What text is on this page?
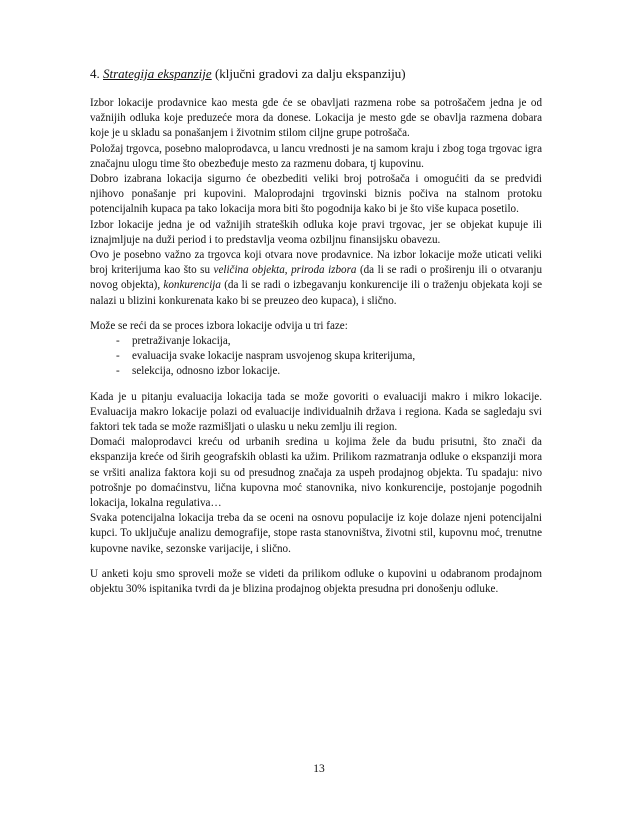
4. Strategija ekspanzije (ključni gradovi za dalju ekspanziju)

Izbor lokacije prodavnice kao mesta gde će se obavljati razmena robe sa potrošačem jedna je od važnijih odluka koje preduzeće mora da donese. Lokacija je mesto gde se obavlja razmena dobara koje je u skladu sa ponašanjem i životnim stilom ciljne grupe potrošača.

Položaj trgovca, posebno maloprodavca, u lancu vrednosti je na samom kraju i zbog toga trgovac igra značajnu ulogu time što obezbeđuje mesto za razmenu dobara, tj kupovinu.

Dobro izabrana lokacija sigurno će obezbediti veliki broj potrošača i omogućiti da se predvidi njihovo ponašanje pri kupovini. Maloprodajni trgovinski biznis počiva na stalnom protoku potencijalnih kupaca pa tako lokacija mora biti što pogodnija kako bi je što više kupaca posetilo.

Izbor lokacije jedna je od važnijih strateških odluka koje pravi trgovac, jer se objekat kupuje ili iznajmljuje na duži period i to predstavlja veoma ozbiljnu finansijsku obavezu.

Ovo je posebno važno za trgovca koji otvara nove prodavnice. Na izbor lokacije može uticati veliki broj kriterijuma kao što su veličina objekta, priroda izbora (da li se radi o proširenju ili o otvaranju novog objekta), konkurencija (da li se radi o izbegavanju konkurencije ili o traženju objekata koji se nalazi u blizini konkurenata kako bi se preuzeo deo kupaca), i slično.

Može se reći da se proces izbora lokacije odvija u tri faze:

- pretraživanje lokacija,
- evaluacija svake lokacije naspram usvojenog skupa kriterijuma,
- selekcija, odnosno izbor lokacije.

Kada je u pitanju evaluacija lokacija tada se može govoriti o evaluaciji makro i mikro lokacije. Evaluacija makro lokacije polazi od evaluacije individualnih država i regiona. Kada se sagledaju svi faktori tek tada se može razmišljati o ulasku u neku zemlju ili region.

Domaći maloprodavci kreću od urbanih sredina u kojima žele da budu prisutni, što znači da ekspanzija kreće od širih geografskih oblasti ka užim. Prilikom razmatranja odluke o ekspanziji mora se vršiti analiza faktora koji su od presudnog značaja za uspeh prodajnog objekta. Tu spadaju: nivo potrošnje po domaćinstvu, lična kupovna moć stanovnika, nivo konkurencije, postojanje pogodnih lokacija, lokalna regulativa…

Svaka potencijalna lokacija treba da se oceni na osnovu populacije iz koje dolaze njeni potencijalni kupci. To uključuje analizu demografije, stope rasta stanovništva, životni stil, kupovnu moć, trenutne kupovne navike, sezonske varijacije, i slično.

U anketi koju smo sproveli može se videti da prilikom odluke o kupovini u odabranom prodajnom objektu 30% ispitanika tvrdi da je blizina prodajnog objekta presudna pri donošenju odluke.

13
